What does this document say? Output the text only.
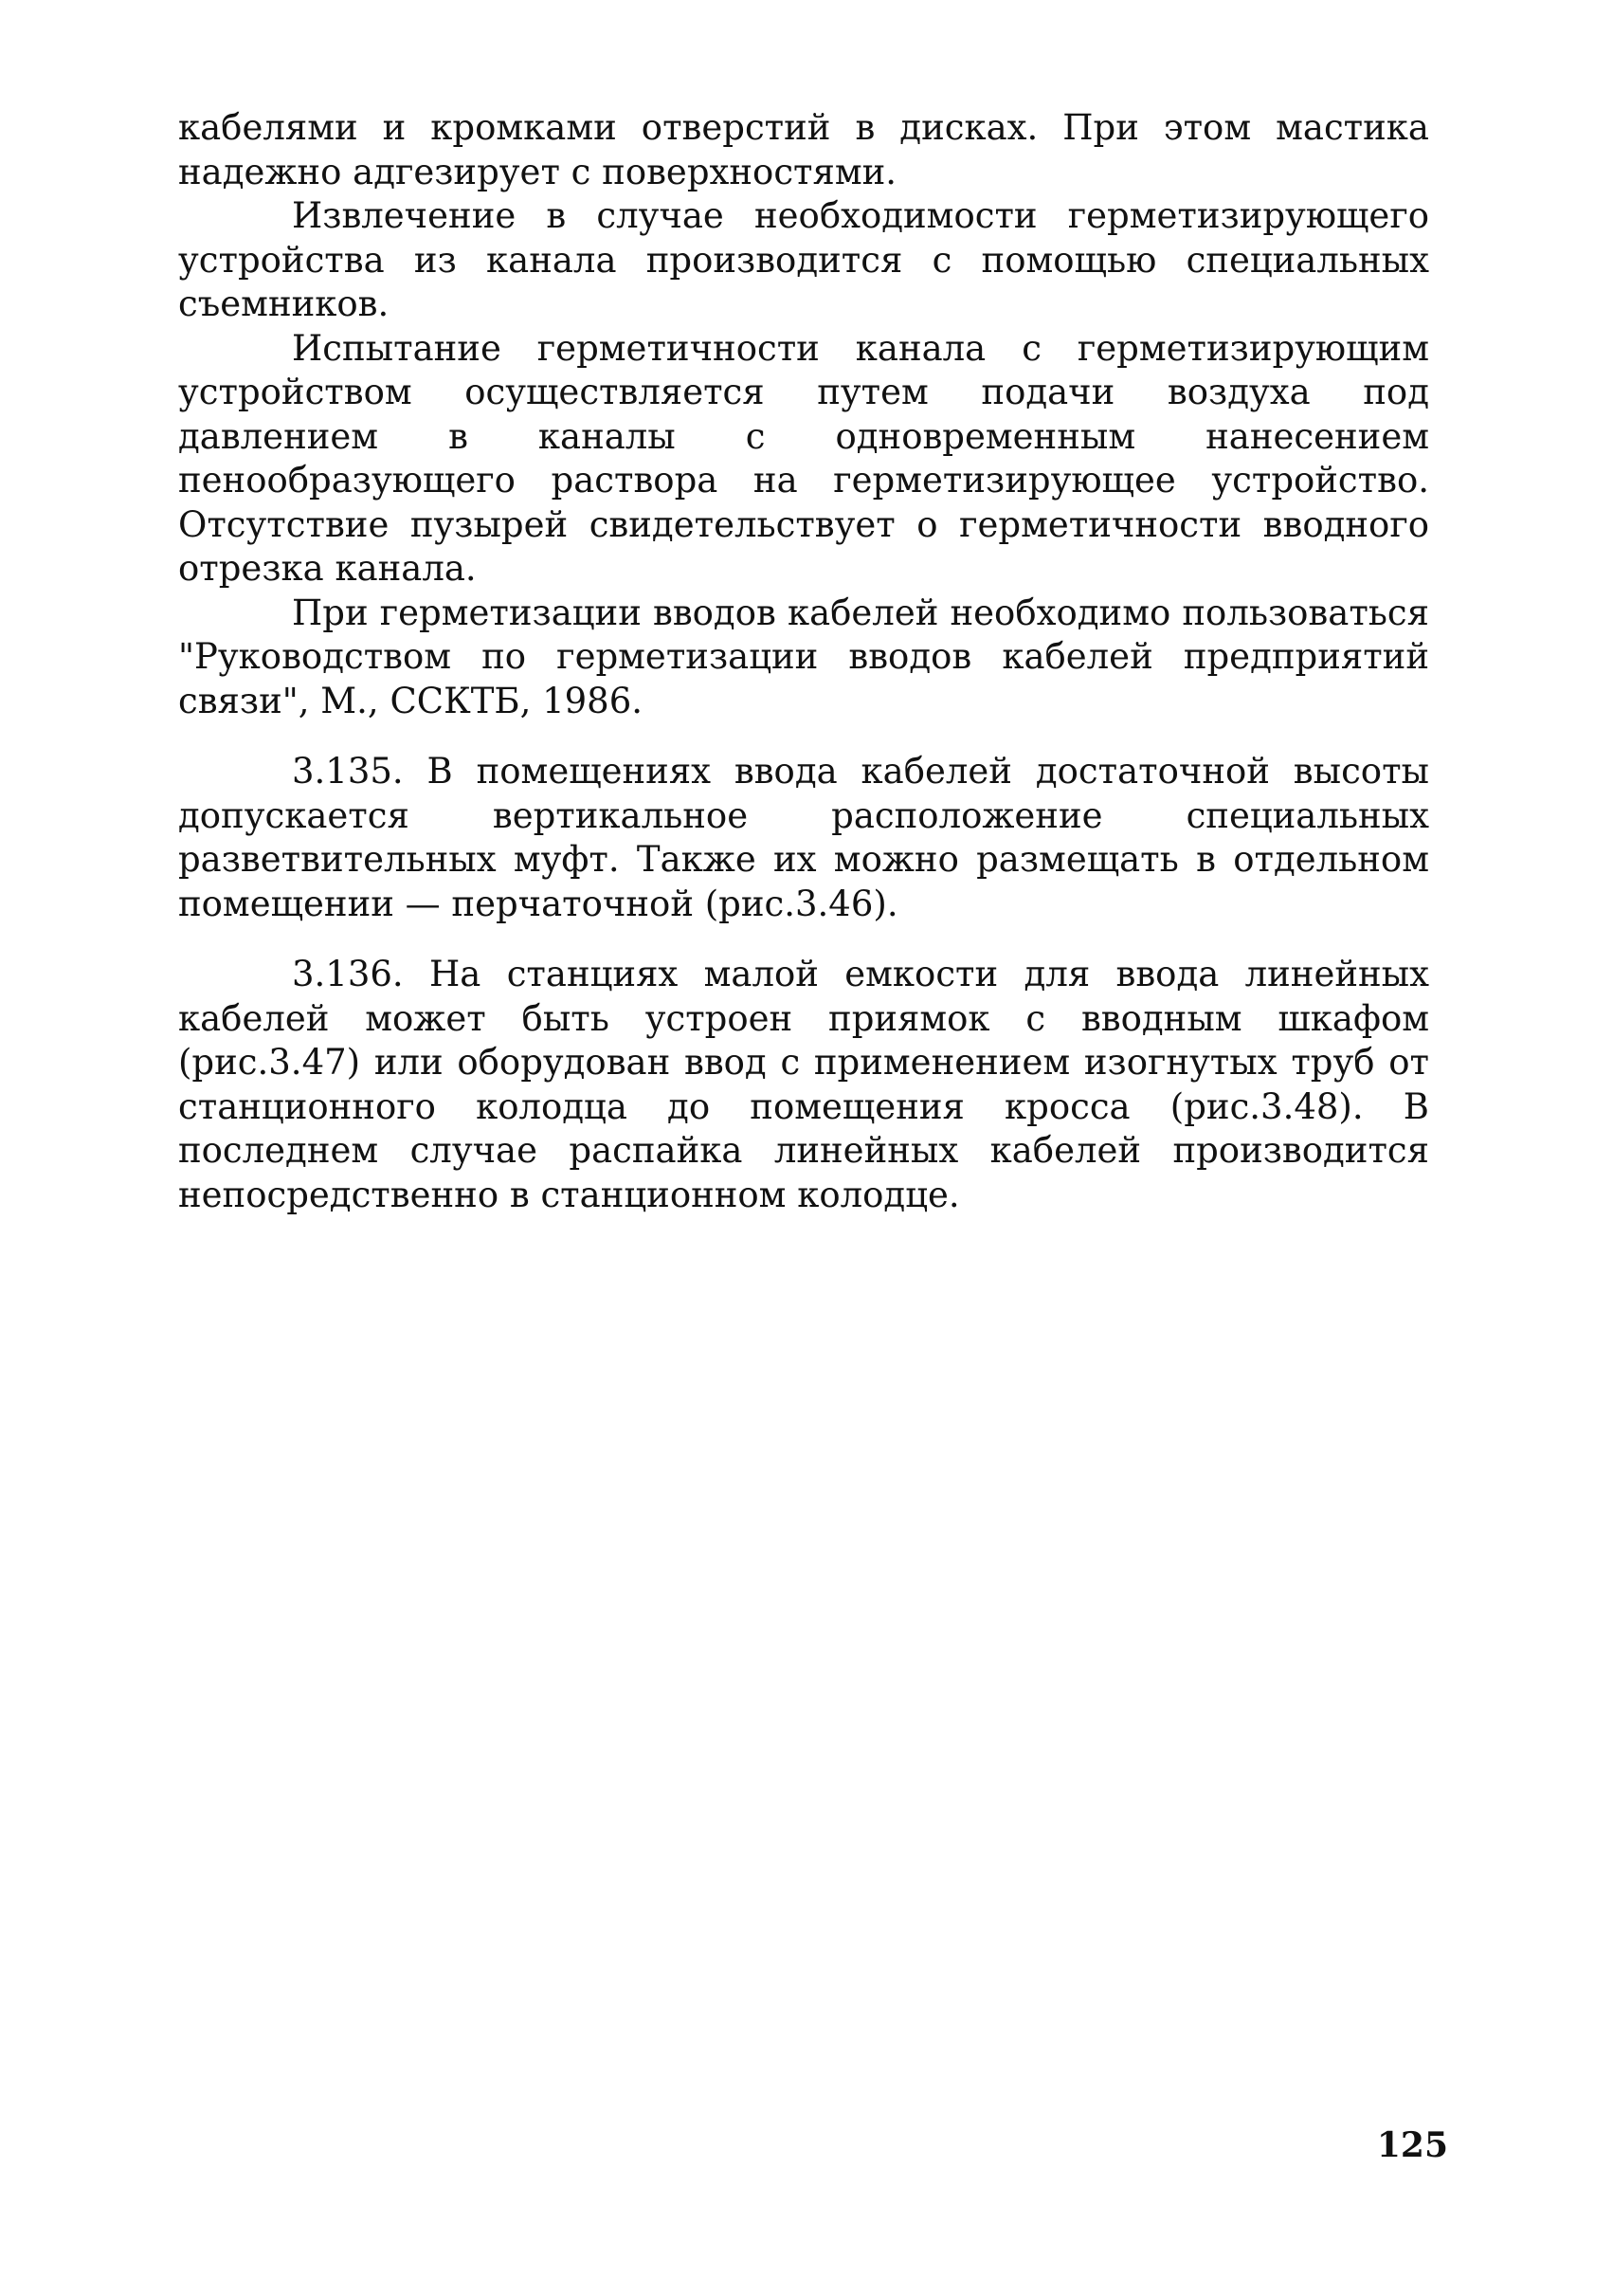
кабелями и кромками отверстий в дисках. При этом мастика надежно адгезирует с поверхностями.

Извлечение в случае необходимости герметизирующего устройства из канала производится с помощью специальных съемников.

Испытание герметичности канала с герметизирующим устройством осуществляется путем подачи воздуха под давлением в каналы с одновременным нанесением пенообразующего раствора на герметизирующее устройство. Отсутствие пузырей свидетельствует о герметичности вводного отрезка канала.

При герметизации вводов кабелей необходимо пользоваться "Руководством по герметизации вводов кабелей предприятий связи", М., ССКТБ, 1986.

3.135. В помещениях ввода кабелей достаточной высоты допускается вертикальное расположение специальных разветвительных муфт. Также их можно размещать в отдельном помещении — перчаточной (рис.3.46).

3.136. На станциях малой емкости для ввода линейных кабелей может быть устроен приямок с вводным шкафом (рис.3.47) или оборудован ввод с применением изогнутых труб от станционного колодца до помещения кросса (рис.3.48). В последнем случае распайка линейных кабелей производится непосредственно в станционном колодце.

125
